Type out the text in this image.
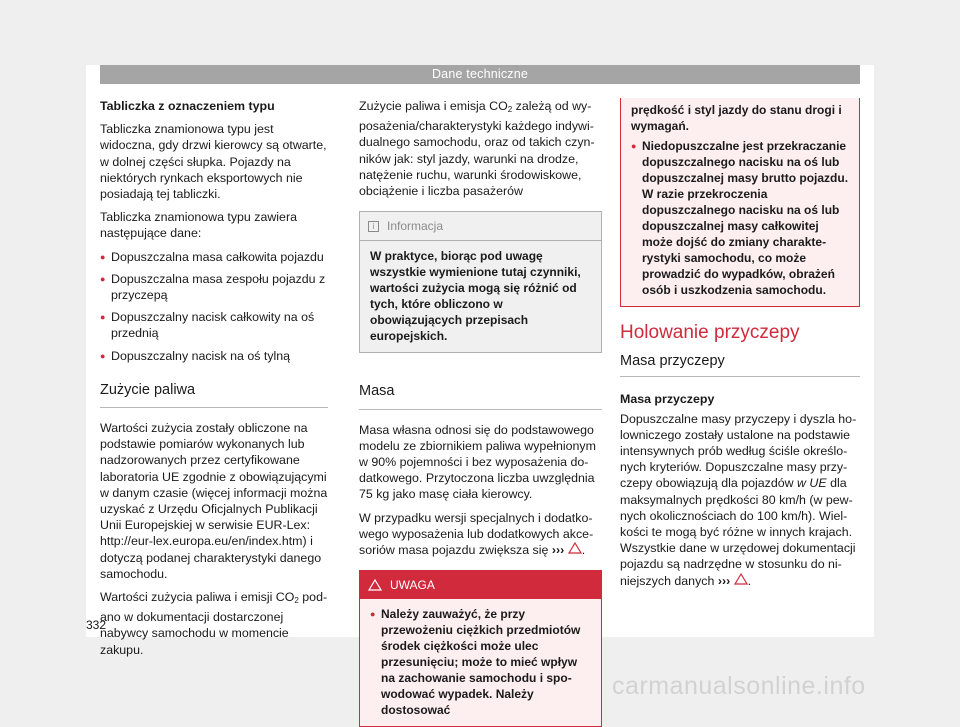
Dane techniczne

Tabliczka z oznaczeniem typu

Tabliczka znamionowa typu jest widoczna, gdy drzwi kierowcy są otwarte, w dolnej części słupka. Pojazdy na niektórych rynkach eksportowych nie posiadają tej tabliczki.

Tabliczka znamionowa typu zawiera następujące dane:

● Dopuszczalna masa całkowita pojazdu
● Dopuszczalna masa zespołu pojazdu z przyczepą
● Dopuszczalny nacisk całkowity na oś przednią
● Dopuszczalny nacisk na oś tylną
Zużycie paliwa

Wartości zużycia zostały obliczone na podstawie pomiarów wykonanych lub nadzorowanych przez certyfikowane laboratoria UE zgodnie z obowiązującymi w danym czasie (więcej informacji można uzyskać z Urzędu Oficjalnych Publikacji Unii Europejskiej w serwisie EUR-Lex: http://eur-lex.europa.eu/en/index.htm) i dotyczą podanej charakterystyki danego samochodu.

Wartości zużycia paliwa i emisji $CO_2$ podano w dokumentacji dostarczonej nabywcy samochodu w momencie zakupu.

Zużycie paliwa i emisja $CO_2$ zależą od wyposażenia/charakterystyki każdego indywidualnego samochodu, oraz od takich czynników jak: styl jazdy, warunki na drodze, natężenie ruchu, warunki środowiskowe, obciążenie i liczba pasażerów

i	Informacja
W praktyce, biorąc pod uwagę wszystkie wymienione tutaj czynniki, wartości zużycia mogą się różnić od tych, które obliczono w obowiązujących przepisach europejskich.
Masa

Masa własna odnosi się do podstawowego modelu ze zbiornikiem paliwa wypełnionym w 90% pojemności i bez wyposażenia dodatkowego. Przytoczona liczba uwzględnia 75 kg jako masę ciała kierowcy.

W przypadku wersji specjalnych i dodatkowego wyposażenia lub dodatkowych akcesoriów masa pojazdu zwiększa się ››› .

UWAGA
● Należy zauważyć, że przy przewożeniu ciężkich przedmiotów środek ciężkości może ulec przesunięciu; może to mieć wpływ na zachowanie samochodu i spowodować wypadek. Należy dostosować

prędkość i styl jazdy do stanu drogi i wymagań.

● Niedopuszczalne jest przekraczanie dopuszczalnego nacisku na oś lub dopuszczalnej masy brutto pojazdu. W razie przekroczenia dopuszczalnego nacisku na oś lub dopuszczalnej masy całkowitej może dojść do zmiany charakterystyki samochodu, co może prowadzić do wypadków, obrażeń osób i uszkodzenia samochodu.
Holowanie przyczepy
Masa przyczepy

Masa przyczepy

Dopuszczalne masy przyczepy i dyszla holowniczego zostały ustalone na podstawie intensywnych prób według ściśle określonych kryteriów. Dopuszczalne masy przyczepy obowiązują dla pojazdów w UE dla maksymalnych prędkości 80 km/h (w pewnych okolicznościach do 100 km/h). Wielkości te mogą być różne w innych krajach. Wszystkie dane w urzędowej dokumentacji pojazdu są nadrzędne w stosunku do niniejszych danych ››› .

332
carmanualsonline.info
